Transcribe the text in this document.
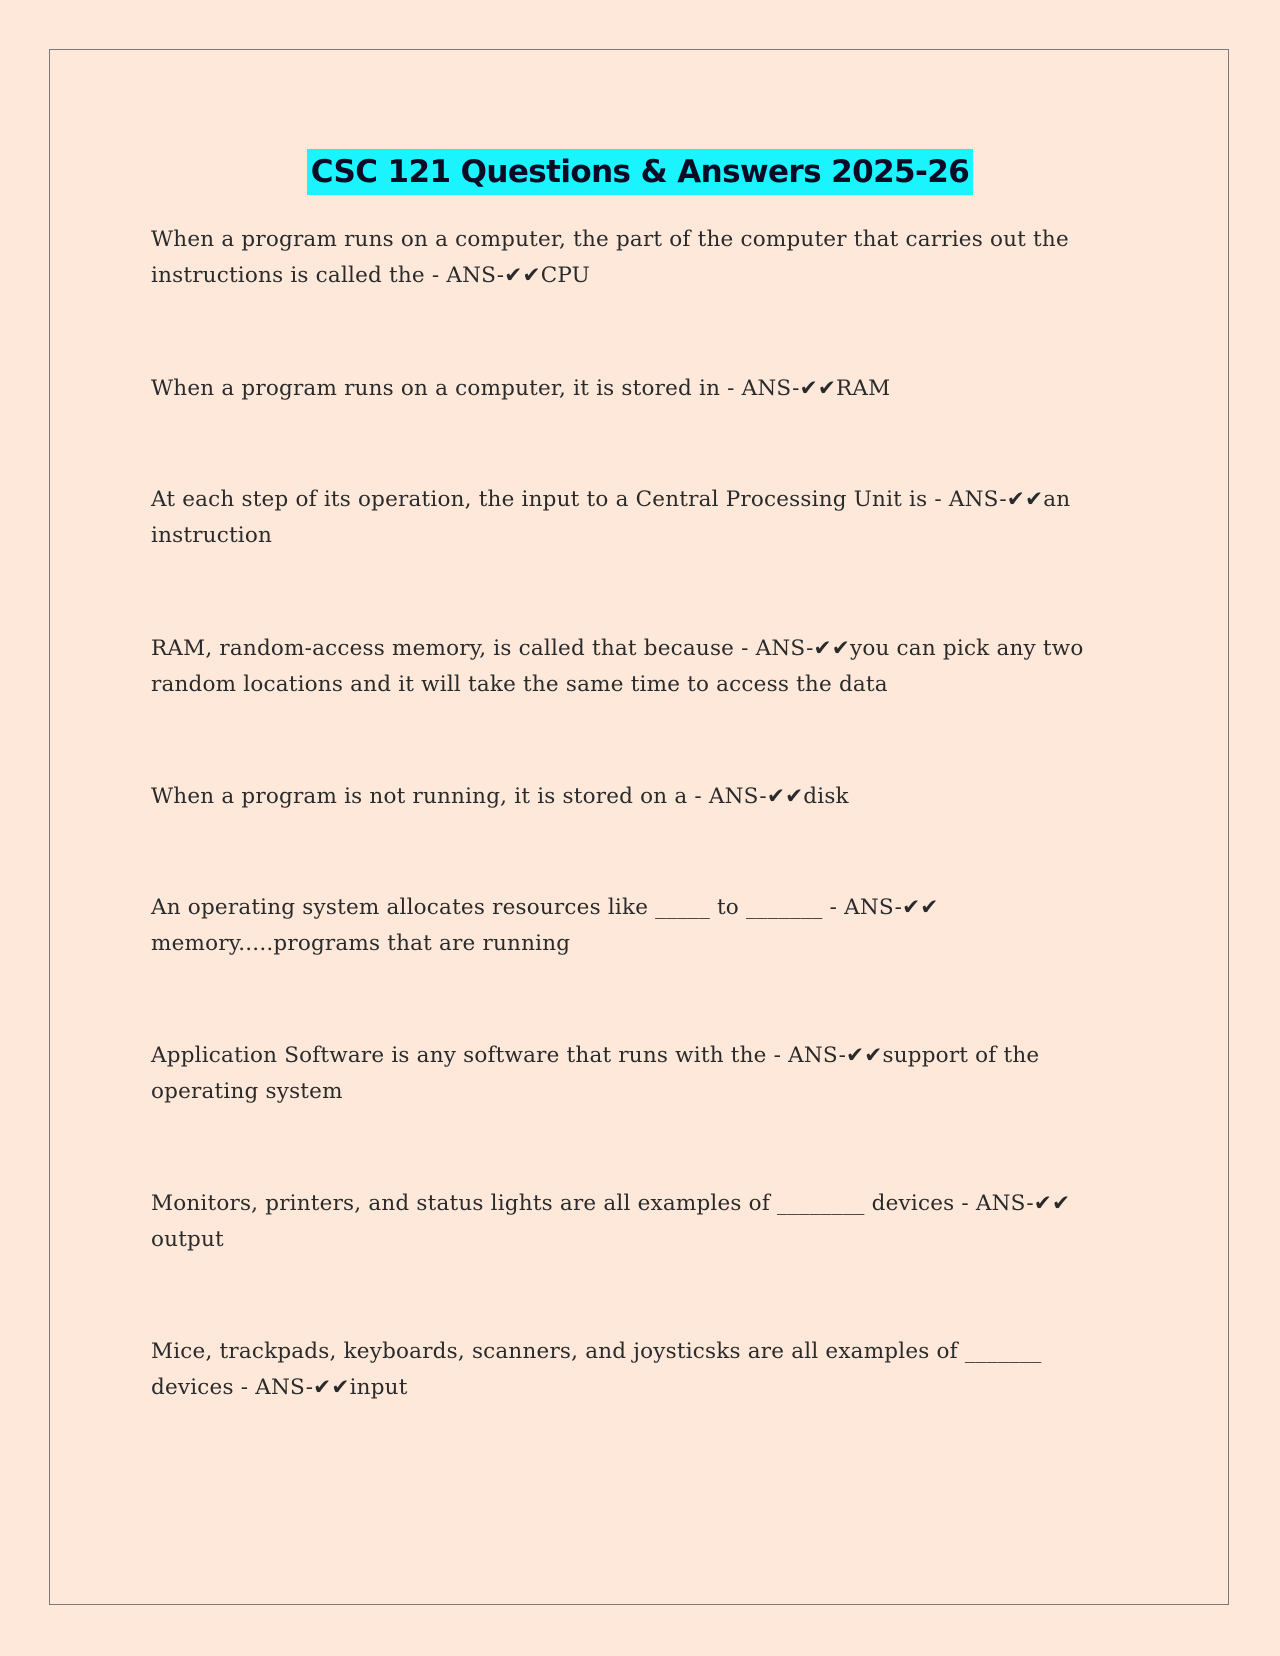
CSC 121 Questions & Answers 2025-26

When a program runs on a computer, the part of the computer that carries out the instructions is called the - ANS-✔✔CPU

When a program runs on a computer, it is stored in - ANS-✔✔RAM

At each step of its operation, the input to a Central Processing Unit is - ANS-✔✔an instruction

RAM, random-access memory, is called that because - ANS-✔✔you can pick any two random locations and it will take the same time to access the data

When a program is not running, it is stored on a - ANS-✔✔disk

An operating system allocates resources like _____ to _______ - ANS-✔✔ memory.....programs that are running

Application Software is any software that runs with the - ANS-✔✔support of the operating system

Monitors, printers, and status lights are all examples of ________ devices - ANS-✔✔ output

Mice, trackpads, keyboards, scanners, and joysticsks are all examples of _______ devices - ANS-✔✔input
